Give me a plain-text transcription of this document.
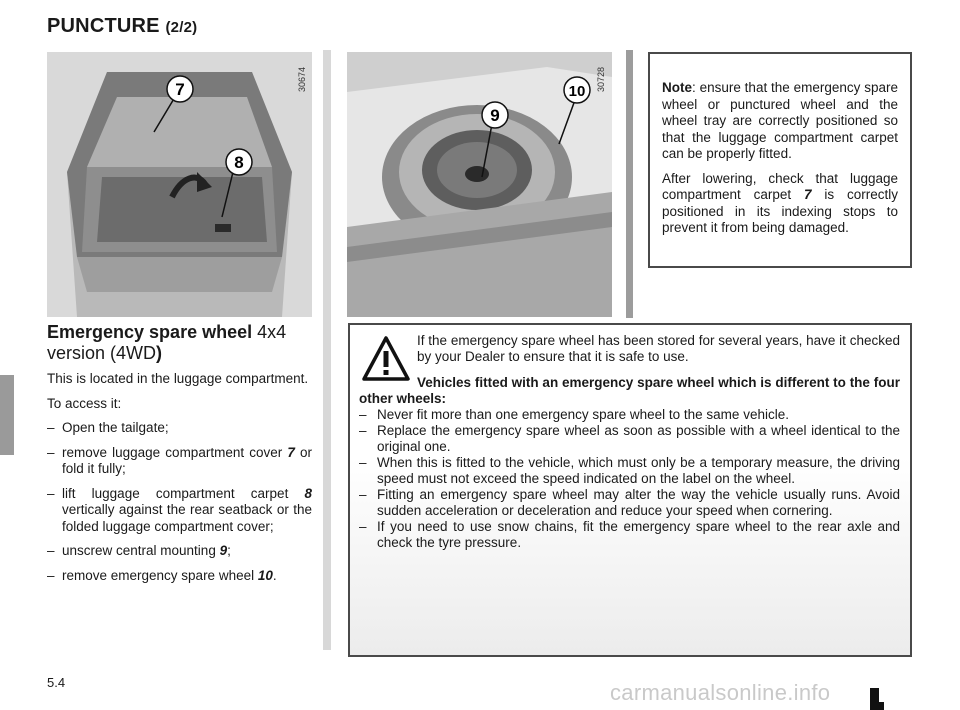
PUNCTURE (2/2)
7
8
30674
9
10 30728	Note: ensure that the emergency spare wheel or punctured wheel and the wheel tray are correctly positioned so that the luggage compartment carpet can be properly fitted.

After lowering, check that luggage compartment carpet 7 is correctly positioned in its indexing stops to prevent it from being damaged.

Emergency spare wheel 4x4 version (4WD)
This is located in the luggage compartment.
To access it:
– Open the tailgate;
– remove luggage compartment cover 7 or fold it fully;
– lift luggage compartment carpet 8 vertically against the rear seatback or the folded luggage compartment cover;
– unscrew central mounting 9;
– remove emergency spare wheel 10.
If the emergency spare wheel has been stored for several years, have it checked by your Dealer to ensure that it is safe to use.
Vehicles fitted with an emergency spare wheel which is different to the four other wheels:
– Never fit more than one emergency spare wheel to the same vehicle.
– Replace the emergency spare wheel as soon as possible with a wheel identical to the original one.
– When this is fitted to the vehicle, which must only be a temporary measure, the driving speed must not exceed the speed indicated on the label on the wheel.
– Fitting an emergency spare wheel may alter the way the vehicle usually runs. Avoid sudden acceleration or deceleration and reduce your speed when cornering.
– If you need to use snow chains, fit the emergency spare wheel to the rear axle and check the tyre pressure.
5.4	carmanualsonline.info
